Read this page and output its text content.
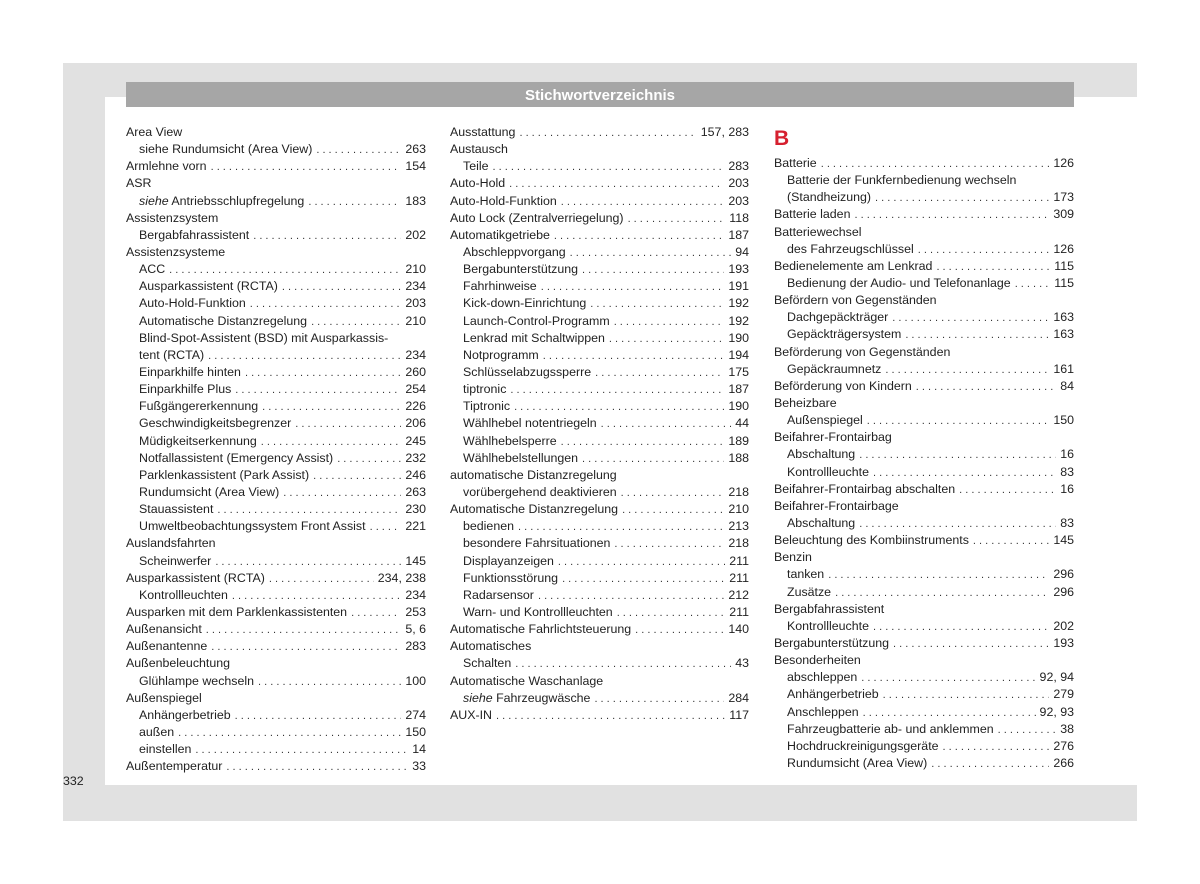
Stichwortverzeichnis
Area View
siehe Rundumsicht (Area View) . . .	263
Armlehne vorn . . .	154
ASR
siehe Antriebsschlupfregelung . . .	183
Assistenzsystem
Bergabfahrassistent . . .	202
Assistenzsysteme
ACC . . .	210
Ausparkassistent (RCTA) . . .	234
Auto-Hold-Funktion . . .	203
Automatische Distanzregelung . . .	210
Blind-Spot-Assistent (BSD) mit Ausparkassis-
tent (RCTA) . . .	234
Einparkhilfe hinten . . .	260
Einparkhilfe Plus . . .	254
Fußgängererkennung . . .	226
Geschwindigkeitsbegrenzer . . .	206
Müdigkeitserkennung . . .	245
Notfallassistent (Emergency Assist) . . .	232
Parklenkassistent (Park Assist) . . .	246
Rundumsicht (Area View) . . .	263
Stauassistent . . .	230
Umweltbeobachtungssystem Front Assist . . .	221
Auslandsfahrten
Scheinwerfer . . .	145
Ausparkassistent (RCTA) . . .	234, 238
Kontrollleuchten . . .	234
Ausparken mit dem Parklenkassistenten . . .	253
Außenansicht . . .	5, 6
Außenantenne . . .	283
Außenbeleuchtung
Glühlampe wechseln . . .	100
Außenspiegel
Anhängerbetrieb . . .	274
außen . . .	150
einstellen . . .	14
Außentemperatur . . .	33
Ausstattung . . .	157, 283
Austausch
Teile . . .	283
Auto-Hold . . .	203
Auto-Hold-Funktion . . .	203
Auto Lock (Zentralverriegelung) . . .	118
Automatikgetriebe . . .	187
Abschleppvorgang . . .	94
Bergabunterstützung . . .	193
Fahrhinweise . . .	191
Kick-down-Einrichtung . . .	192
Launch-Control-Programm . . .	192
Lenkrad mit Schaltwippen . . .	190
Notprogramm . . .	194
Schlüsselabzugssperre . . .	175
tiptronic . . .	187
Tiptronic . . .	190
Wählhebel notentriegeln . . .	44
Wählhebelsperre . . .	189
Wählhebelstellungen . . .	188
automatische Distanzregelung
vorübergehend deaktivieren . . .	218
Automatische Distanzregelung . . .	210
bedienen . . .	213
besondere Fahrsituationen . . .	218
Displayanzeigen . . .	211
Funktionsstörung . . .	211
Radarsensor . . .	212
Warn- und Kontrollleuchten . . .	211
Automatische Fahrlichtsteuerung . . .	140
Automatisches
Schalten . . .	43
Automatische Waschanlage
siehe Fahrzeugwäsche . . .	284
AUX-IN . . .	117
B
Batterie . . .	126
Batterie der Funkfernbedienung wechseln
(Standheizung) . . .	173
Batterie laden . . .	309
Batteriewechsel
des Fahrzeugschlüssel . . .	126
Bedienelemente am Lenkrad . . .	115
Bedienung der Audio- und Telefonanlage . . .	115
Befördern von Gegenständen
Dachgepäckträger . . .	163
Gepäckträgersystem . . .	163
Beförderung von Gegenständen
Gepäckraumnetz . . .	161
Beförderung von Kindern . . .	84
Beheizbare
Außenspiegel . . .	150
Beifahrer-Frontairbag
Abschaltung . . .	16
Kontrollleuchte . . .	83
Beifahrer-Frontairbag abschalten . . .	16
Beifahrer-Frontairbage
Abschaltung . . .	83
Beleuchtung des Kombiinstruments . . .	145
Benzin
tanken . . .	296
Zusätze . . .	296
Bergabfahrassistent
Kontrollleuchte . . .	202
Bergabunterstützung . . .	193
Besonderheiten
abschleppen . . .	92, 94
Anhängerbetrieb . . .	279
Anschleppen . . .	92, 93
Fahrzeugbatterie ab- und anklemmen . . .	38
Hochdruckreinigungsgeräte . . .	276
Rundumsicht (Area View) . . .	266
332
